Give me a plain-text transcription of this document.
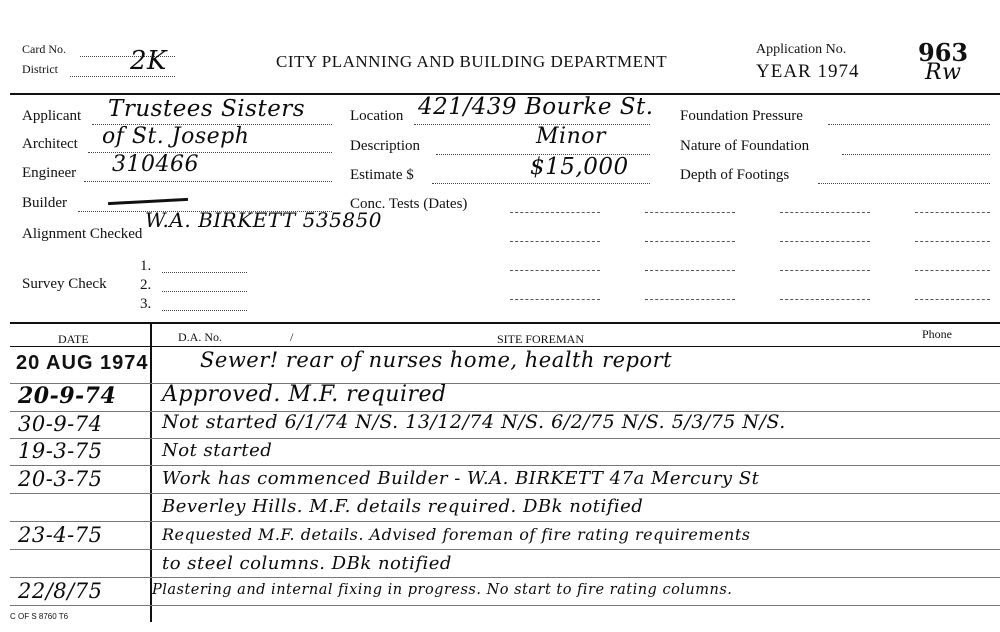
Card No.
District	2K	CITY PLANNING AND BUILDING DEPARTMENT
Application No.
YEAR 1974
963
Rw
Applicant Trustees Sisters
Architect of St. Joseph
Engineer 310466
Builder
W.A. BIRKETT 535850
Alignment Checked
Survey Check
1.
2.
3.
Location 421/439 Bourke St.
Description	Minor
Estimate $	$15,000
Conc. Tests (Dates)
Foundation Pressure
Nature of Foundation
Depth of Footings
DATE	D.A. No.	/	SITE FOREMAN	Phone
20 AUG 1974 Sewer! rear of nurses home, health report
20-9-74 Approved. M.F. required
30-9-74	Not started 6/1/74 N/S. 13/12/74 N/S. 6/2/75 N/S. 5/3/75 N/S.
19-3-75	Not started
20-3-75	Work has commenced Builder - W.A. BIRKETT 47a Mercury St
Beverley Hills. M.F. details required. DBk notified
23-4-75	Requested M.F. details. Advised foreman of fire rating requirements
to steel columns. DBk notified
22/8/75	Plastering and internal fixing in progress. No start to fire rating columns.
C OF S 8760 T6
